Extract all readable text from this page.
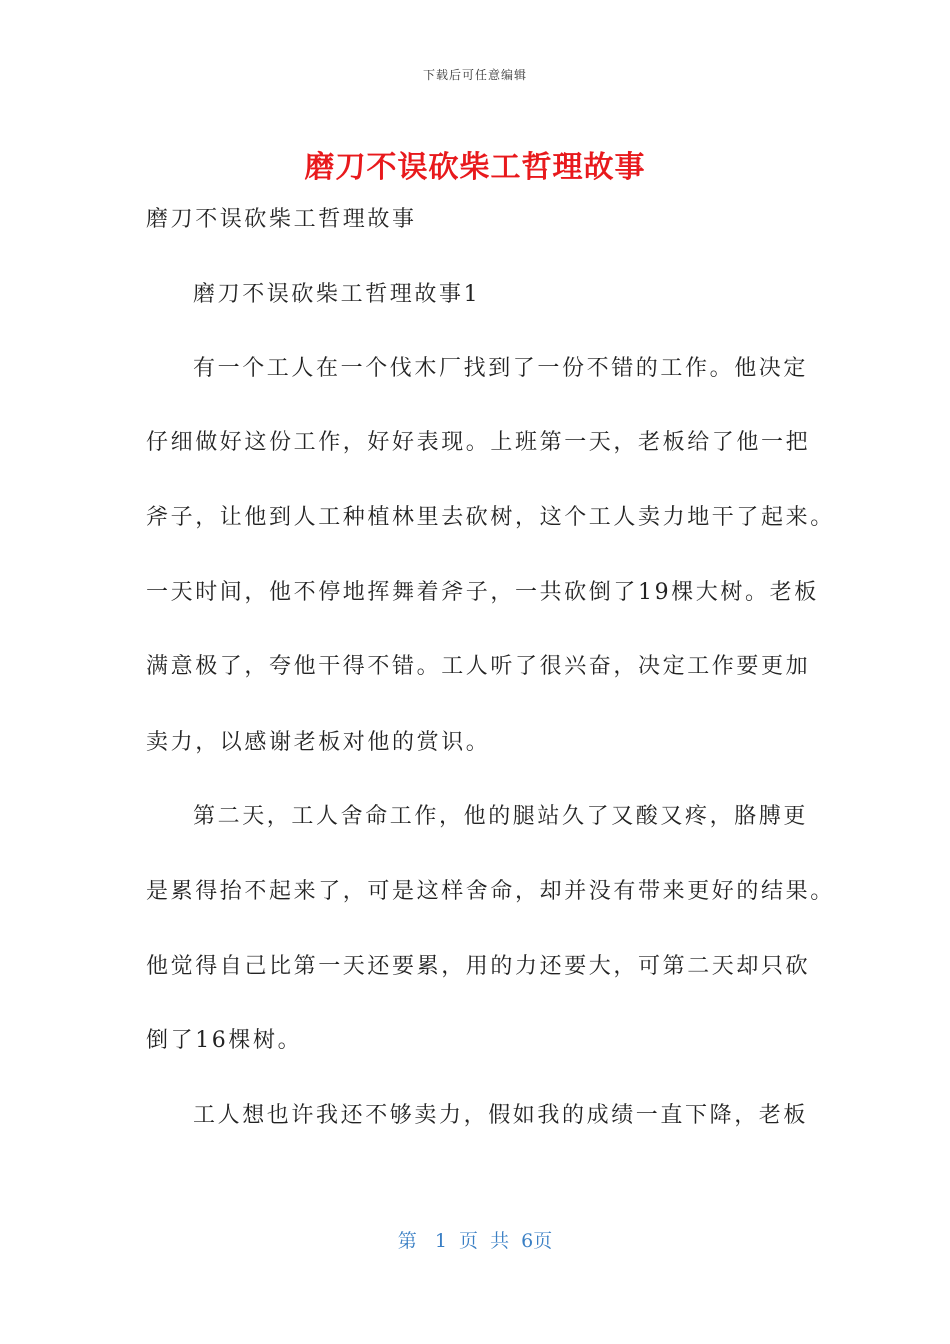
下载后可任意编辑
磨刀不误砍柴工哲理故事
磨刀不误砍柴工哲理故事
磨刀不误砍柴工哲理故事1
有一个工人在一个伐木厂找到了一份不错的工作。他决定
仔细做好这份工作，好好表现。上班第一天，老板给了他一把
斧子，让他到人工种植林里去砍树，这个工人卖力地干了起来。
一天时间，他不停地挥舞着斧子，一共砍倒了19棵大树。老板
满意极了，夸他干得不错。工人听了很兴奋，决定工作要更加
卖力，以感谢老板对他的赏识。
第二天，工人舍命工作，他的腿站久了又酸又疼，胳膊更
是累得抬不起来了，可是这样舍命，却并没有带来更好的结果。
他觉得自己比第一天还要累，用的力还要大，可第二天却只砍
倒了16棵树。
工人想也许我还不够卖力，假如我的成绩一直下降，老板
第   1  页  共  6页
